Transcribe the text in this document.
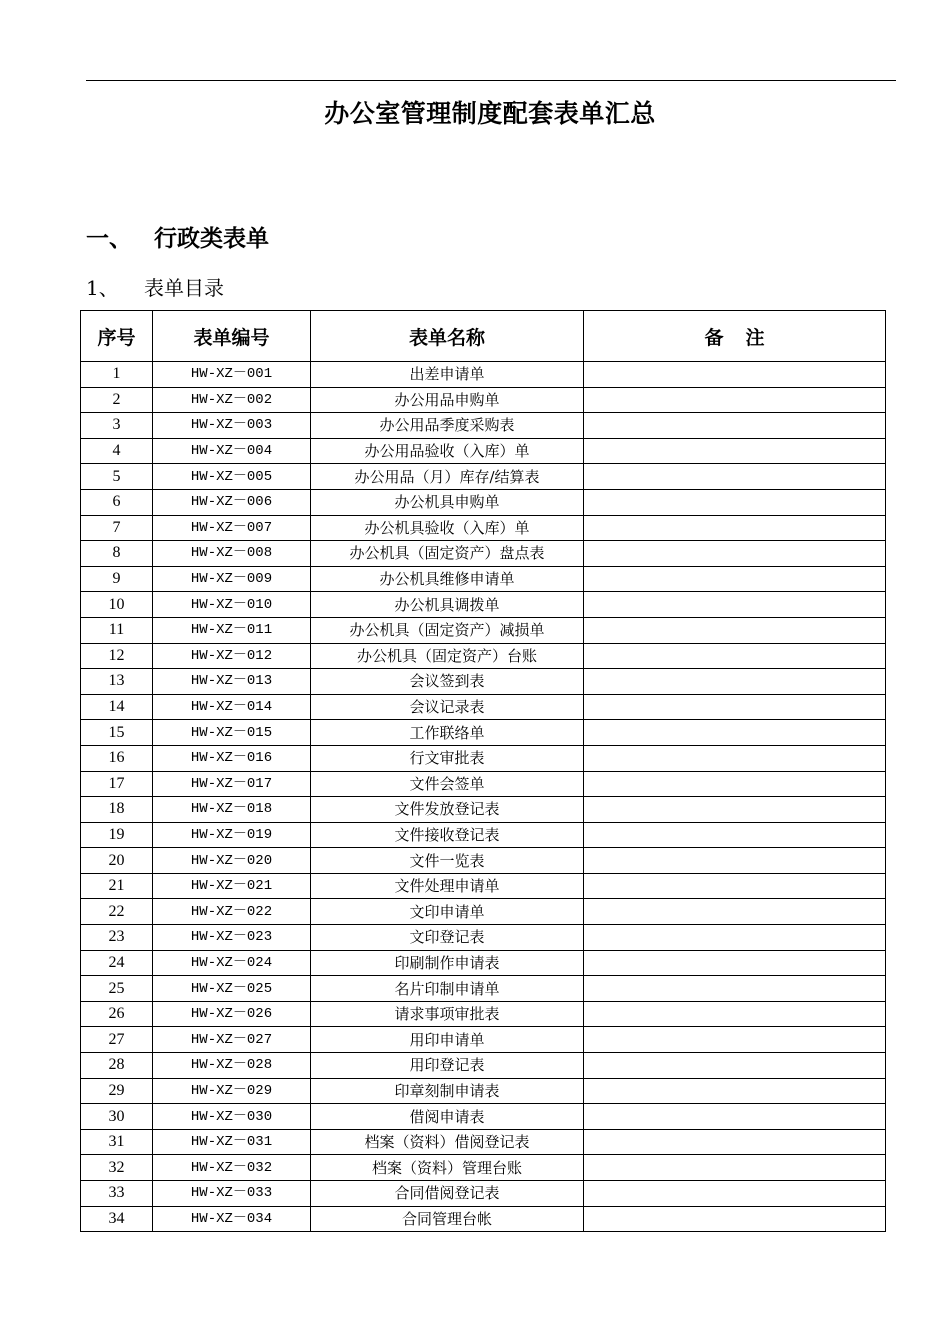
办公室管理制度配套表单汇总
一、 行政类表单
1、 表单目录
序号	表单编号	表单名称	备注
1	HW-XZ－001	出差申请单	
2	HW-XZ－002	办公用品申购单	
3	HW-XZ－003	办公用品季度采购表	
4	HW-XZ－004	办公用品验收（入库）单	
5	HW-XZ－005	办公用品（月）库存/结算表	
6	HW-XZ－006	办公机具申购单	
7	HW-XZ－007	办公机具验收（入库）单	
8	HW-XZ－008	办公机具（固定资产）盘点表	
9	HW-XZ－009	办公机具维修申请单	
10	HW-XZ－010	办公机具调拨单	
11	HW-XZ－011	办公机具（固定资产）减损单	
12	HW-XZ－012	办公机具（固定资产）台账	
13	HW-XZ－013	会议签到表	
14	HW-XZ－014	会议记录表	
15	HW-XZ－015	工作联络单	
16	HW-XZ－016	行文审批表	
17	HW-XZ－017	文件会签单	
18	HW-XZ－018	文件发放登记表	
19	HW-XZ－019	文件接收登记表	
20	HW-XZ－020	文件一览表	
21	HW-XZ－021	文件处理申请单	
22	HW-XZ－022	文印申请单	
23	HW-XZ－023	文印登记表	
24	HW-XZ－024	印刷制作申请表	
25	HW-XZ－025	名片印制申请单	
26	HW-XZ－026	请求事项审批表	
27	HW-XZ－027	用印申请单	
28	HW-XZ－028	用印登记表	
29	HW-XZ－029	印章刻制申请表	
30	HW-XZ－030	借阅申请表	
31	HW-XZ－031	档案（资料）借阅登记表	
32	HW-XZ－032	档案（资料）管理台账	
33	HW-XZ－033	合同借阅登记表	
34	HW-XZ－034	合同管理台帐	
